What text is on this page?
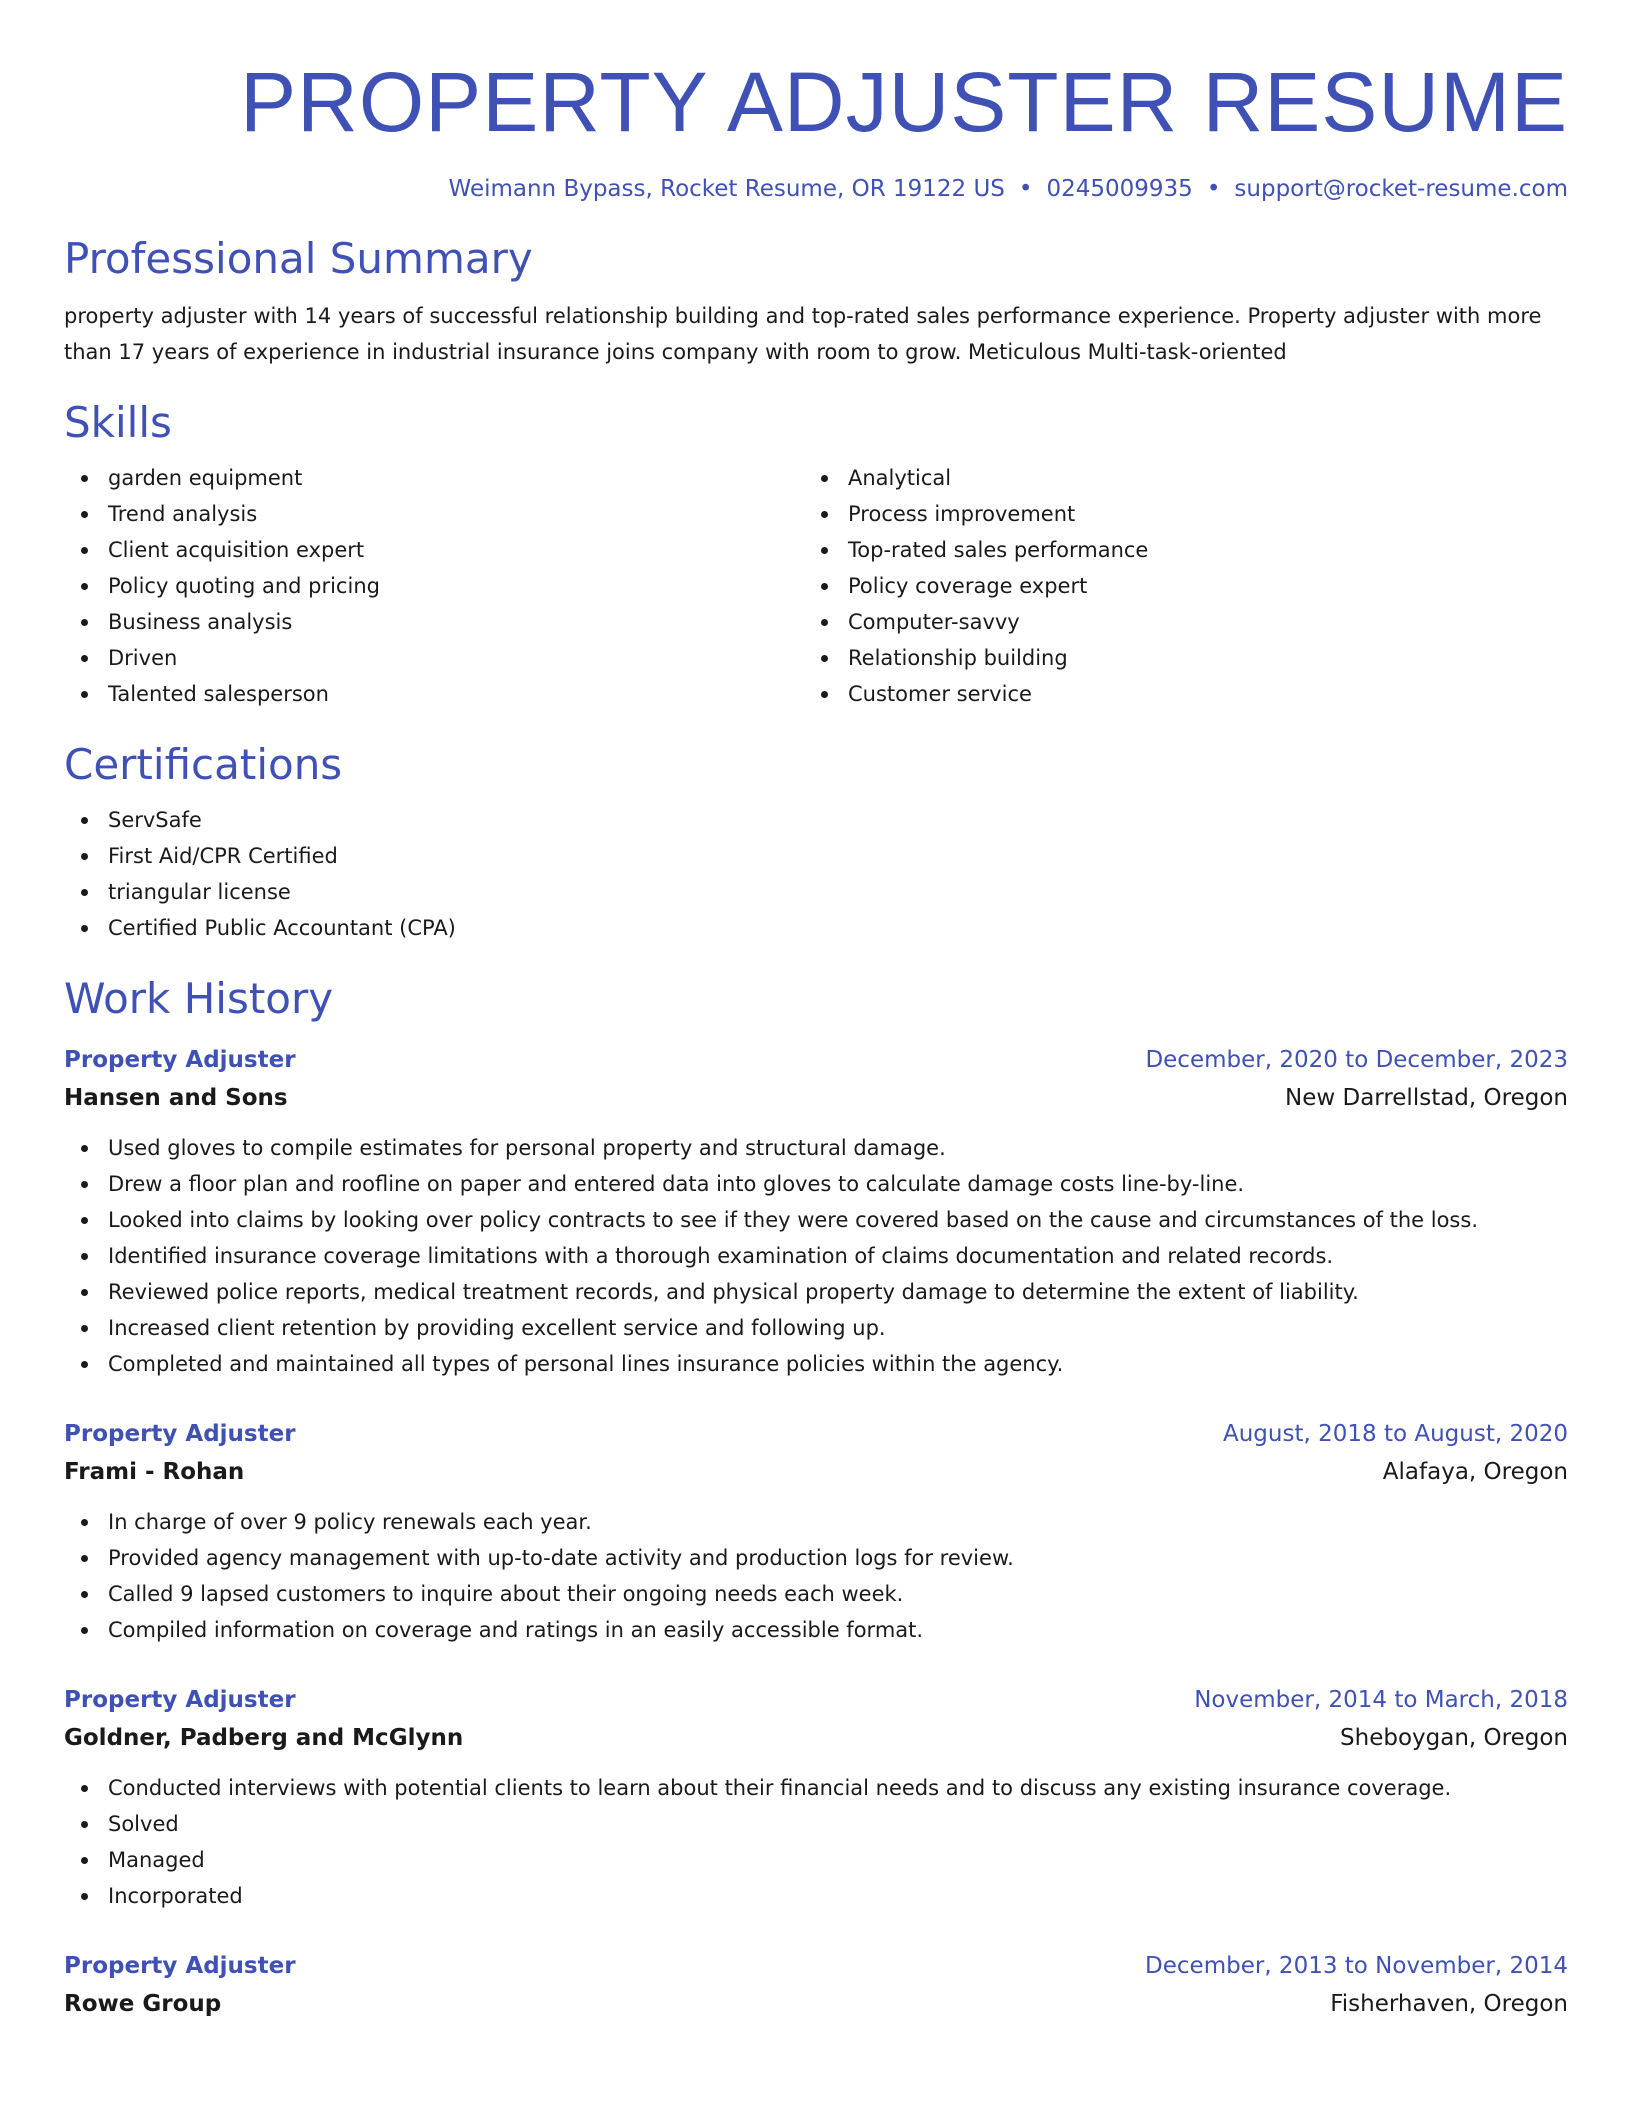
PROPERTY ADJUSTER RESUME
Weimann Bypass, Rocket Resume, OR 19122 US • 0245009935 • support@rocket-resume.com
Professional Summary

property adjuster with 14 years of successful relationship building and top-rated sales performance experience. Property adjuster with more than 17 years of experience in industrial insurance joins company with room to grow. Meticulous Multi-task-oriented

Skills
garden equipment
Trend analysis
Client acquisition expert
Policy quoting and pricing
Business analysis
Driven
Talented salesperson
Analytical
Process improvement
Top-rated sales performance
Policy coverage expert
Computer-savvy
Relationship building
Customer service
Certifications
ServSafe
First Aid/CPR Certified
triangular license
Certified Public Accountant (CPA)
Work History
Property Adjuster	December, 2020 to December, 2023
Hansen and Sons	New Darrellstad, Oregon
Used gloves to compile estimates for personal property and structural damage.
Drew a floor plan and roofline on paper and entered data into gloves to calculate damage costs line-by-line.
Looked into claims by looking over policy contracts to see if they were covered based on the cause and circumstances of the loss.
Identified insurance coverage limitations with a thorough examination of claims documentation and related records.
Reviewed police reports, medical treatment records, and physical property damage to determine the extent of liability.
Increased client retention by providing excellent service and following up.
Completed and maintained all types of personal lines insurance policies within the agency.
Property Adjuster	August, 2018 to August, 2020
Frami - Rohan	Alafaya, Oregon
In charge of over 9 policy renewals each year.
Provided agency management with up-to-date activity and production logs for review.
Called 9 lapsed customers to inquire about their ongoing needs each week.
Compiled information on coverage and ratings in an easily accessible format.
Property Adjuster	November, 2014 to March, 2018
Goldner, Padberg and McGlynn	Sheboygan, Oregon
Conducted interviews with potential clients to learn about their financial needs and to discuss any existing insurance coverage.
Solved
Managed
Incorporated
Property Adjuster	December, 2013 to November, 2014
Rowe Group	Fisherhaven, Oregon
